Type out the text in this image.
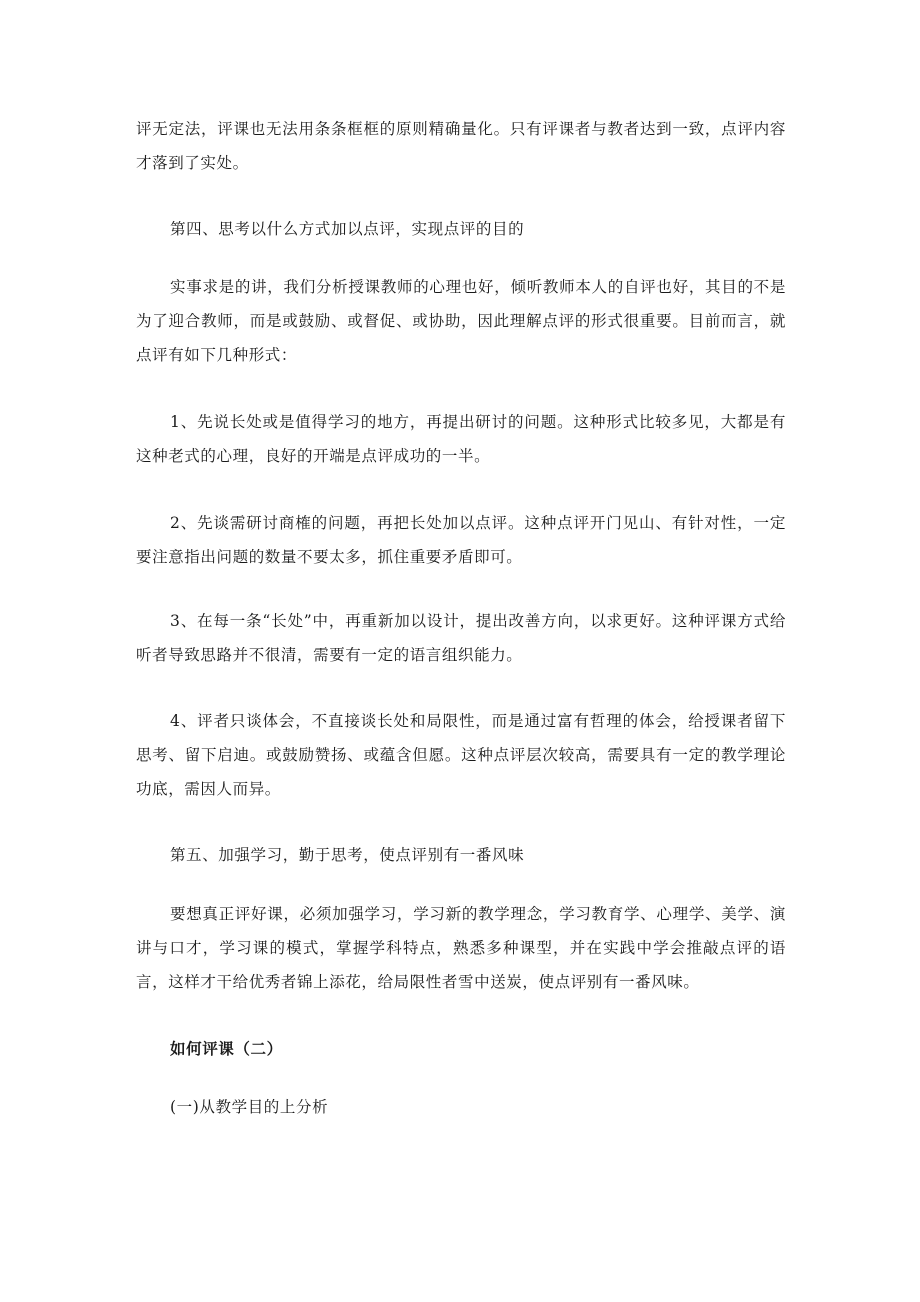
评无定法，评课也无法用条条框框的原则精确量化。只有评课者与教者达到一致，点评内容才落到了实处。

第四、思考以什么方式加以点评，实现点评的目的

实事求是的讲，我们分析授课教师的心理也好，倾听教师本人的自评也好，其目的不是为了迎合教师，而是或鼓励、或督促、或协助，因此理解点评的形式很重要。目前而言，就点评有如下几种形式：

1、先说长处或是值得学习的地方，再提出研讨的问题。这种形式比较多见，大都是有这种老式的心理，良好的开端是点评成功的一半。

2、先谈需研讨商榷的问题，再把长处加以点评。这种点评开门见山、有针对性，一定要注意指出问题的数量不要太多，抓住重要矛盾即可。

3、在每一条“长处”中，再重新加以设计，提出改善方向，以求更好。这种评课方式给听者导致思路并不很清，需要有一定的语言组织能力。

4、评者只谈体会，不直接谈长处和局限性，而是通过富有哲理的体会，给授课者留下思考、留下启迪。或鼓励赞扬、或蕴含但愿。这种点评层次较高，需要具有一定的教学理论功底，需因人而异。

第五、加强学习，勤于思考，使点评别有一番风味

要想真正评好课，必须加强学习，学习新的教学理念，学习教育学、心理学、美学、演讲与口才，学习课的模式，掌握学科特点，熟悉多种课型，并在实践中学会推敲点评的语言，这样才干给优秀者锦上添花，给局限性者雪中送炭，使点评别有一番风味。

如何评课（二）

(一)从教学目的上分析
